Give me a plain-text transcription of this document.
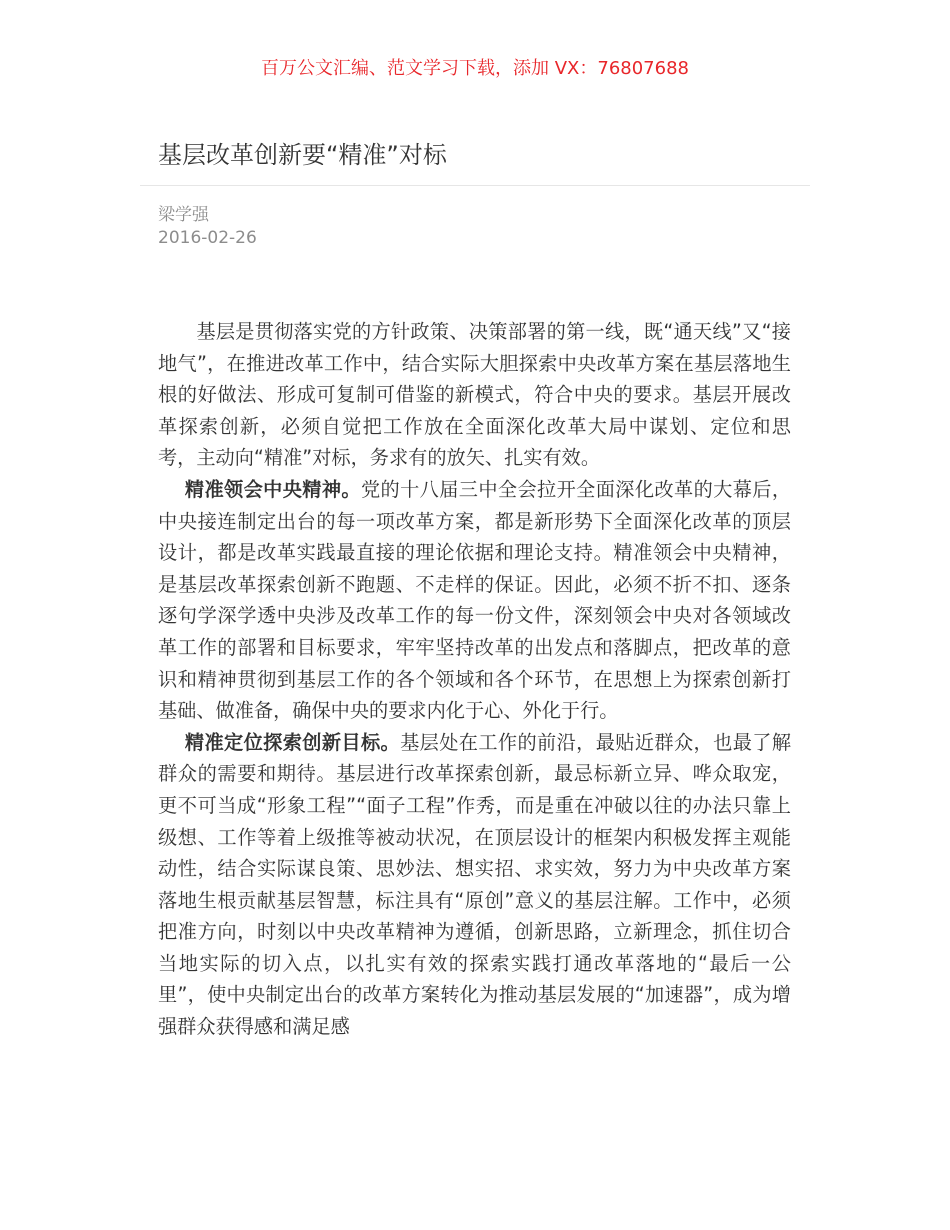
百万公文汇编、范文学习下载，添加 VX：76807688
基层改革创新要“精准”对标
梁学强
2016-02-26

基层是贯彻落实党的方针政策、决策部署的第一线，既“通天线”又“接地气”，在推进改革工作中，结合实际大胆探索中央改革方案在基层落地生根的好做法、形成可复制可借鉴的新模式，符合中央的要求。基层开展改革探索创新，必须自觉把工作放在全面深化改革大局中谋划、定位和思考，主动向“精准”对标，务求有的放矢、扎实有效。

精准领会中央精神。党的十八届三中全会拉开全面深化改革的大幕后，中央接连制定出台的每一项改革方案，都是新形势下全面深化改革的顶层设计，都是改革实践最直接的理论依据和理论支持。精准领会中央精神，是基层改革探索创新不跑题、不走样的保证。因此，必须不折不扣、逐条逐句学深学透中央涉及改革工作的每一份文件，深刻领会中央对各领域改革工作的部署和目标要求，牢牢坚持改革的出发点和落脚点，把改革的意识和精神贯彻到基层工作的各个领域和各个环节，在思想上为探索创新打基础、做准备，确保中央的要求内化于心、外化于行。

精准定位探索创新目标。基层处在工作的前沿，最贴近群众，也最了解群众的需要和期待。基层进行改革探索创新，最忌标新立异、哗众取宠，更不可当成“形象工程”“面子工程”作秀，而是重在冲破以往的办法只靠上级想、工作等着上级推等被动状况，在顶层设计的框架内积极发挥主观能动性，结合实际谋良策、思妙法、想实招、求实效，努力为中央改革方案落地生根贡献基层智慧，标注具有“原创”意义的基层注解。工作中，必须把准方向，时刻以中央改革精神为遵循，创新思路，立新理念，抓住切合当地实际的切入点，以扎实有效的探索实践打通改革落地的“最后一公里”，使中央制定出台的改革方案转化为推动基层发展的“加速器”，成为增强群众获得感和满足感
